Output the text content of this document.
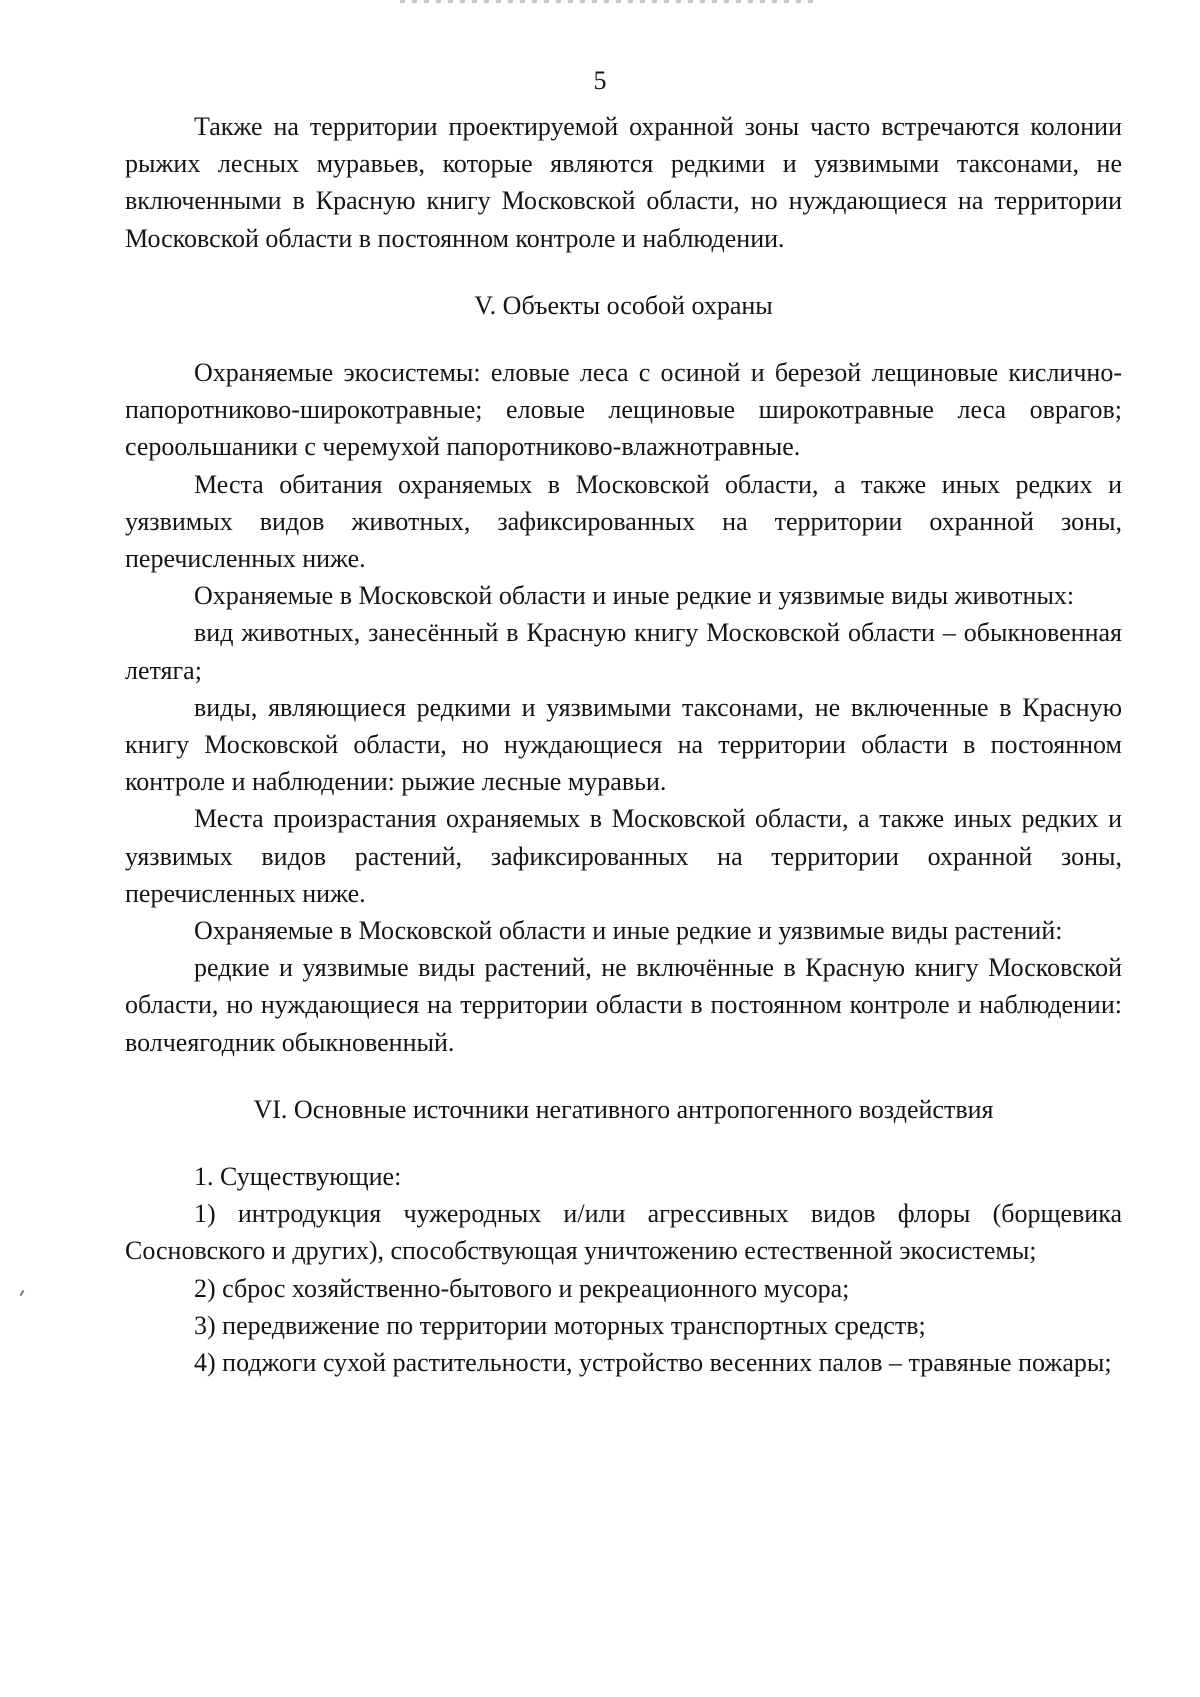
5

Также на территории проектируемой охранной зоны часто встречаются колонии рыжих лесных муравьев, которые являются редкими и уязвимыми таксонами, не включенными в Красную книгу Московской области, но нуждающиеся на территории Московской области в постоянном контроле и наблюдении.

V. Объекты особой охраны

Охраняемые экосистемы: еловые леса с осиной и березой лещиновые кислично-папоротниково-широкотравные; еловые лещиновые широкотравные леса оврагов; сероольшаники с черемухой папоротниково-влажнотравные.

Места обитания охраняемых в Московской области, а также иных редких и уязвимых видов животных, зафиксированных на территории охранной зоны, перечисленных ниже.

Охраняемые в Московской области и иные редкие и уязвимые виды животных:

вид животных, занесённый в Красную книгу Московской области – обыкновенная летяга;

виды, являющиеся редкими и уязвимыми таксонами, не включенные в Красную книгу Московской области, но нуждающиеся на территории области в постоянном контроле и наблюдении: рыжие лесные муравьи.

Места произрастания охраняемых в Московской области, а также иных редких и уязвимых видов растений, зафиксированных на территории охранной зоны, перечисленных ниже.

Охраняемые в Московской области и иные редкие и уязвимые виды растений:

редкие и уязвимые виды растений, не включённые в Красную книгу Московской области, но нуждающиеся на территории области в постоянном контроле и наблюдении: волчеягодник обыкновенный.

VI. Основные источники негативного антропогенного воздействия

1. Существующие:

1) интродукция чужеродных и/или агрессивных видов флоры (борщевика Сосновского и других), способствующая уничтожению естественной экосистемы;

2) сброс хозяйственно-бытового и рекреационного мусора;

3) передвижение по территории моторных транспортных средств;

4) поджоги сухой растительности, устройство весенних палов – травяные пожары;
